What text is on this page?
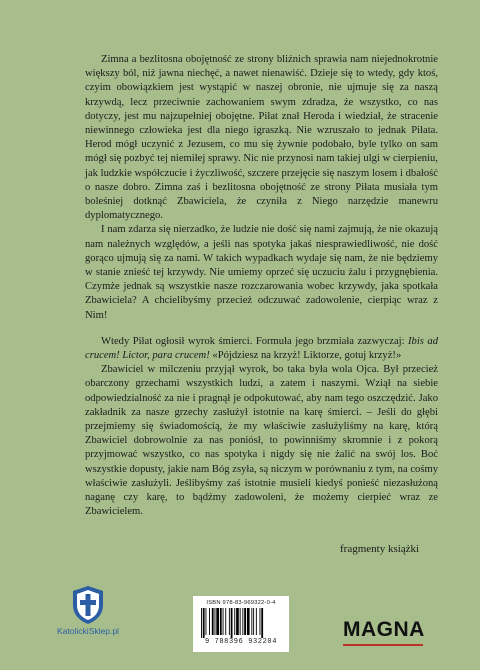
Zimna a bezlitosna obojętność ze strony bliźnich sprawia nam niejednokrotnie większy ból, niż jawna niechęć, a nawet nienawiść. Dzieje się to wtedy, gdy ktoś, czyim obowiązkiem jest wystąpić w naszej obronie, nie ujmuje się za naszą krzywdą, lecz przeciwnie zachowaniem swym zdradza, że wszystko, co nas dotyczy, jest mu najzupełniej obojętne. Piłat znał Heroda i wiedział, że stracenie niewinnego człowieka jest dla niego igraszką. Nie wzruszało to jednak Piłata. Herod mógł uczynić z Jezusem, co mu się żywnie podobało, byle tylko on sam mógł się pozbyć tej niemiłej sprawy. Nic nie przynosi nam takiej ulgi w cierpieniu, jak ludzkie współczucie i życzliwość, szczere przejęcie się naszym losem i dbałość o nasze dobro. Zimna zaś i bezlitosna obojętność ze strony Piłata musiała tym boleśniej dotknąć Zbawiciela, że czyniła z Niego narzędzie manewru dyplomatycznego.

I nam zdarza się nierzadko, że ludzie nie dość się nami zajmują, że nie okazują nam należnych względów, a jeśli nas spotyka jakaś niesprawiedliwość, nie dość gorąco ujmują się za nami. W takich wypadkach wydaje się nam, że nie będziemy w stanie znieść tej krzywdy. Nie umiemy oprzeć się uczuciu żalu i przygnębienia. Czymże jednak są wszystkie nasze rozczarowania wobec krzywdy, jaka spotkała Zbawiciela? A chcielibyśmy przecież odczuwać zadowolenie, cierpiąc wraz z Nim!

Wtedy Piłat ogłosił wyrok śmierci. Formuła jego brzmiała zazwyczaj: Ibis ad crucem! Lictor, para crucem! «Pójdziesz na krzyż! Liktorze, gotuj krzyż!»

Zbawiciel w milczeniu przyjął wyrok, bo taka była wola Ojca. Był przecież obarczony grzechami wszystkich ludzi, a zatem i naszymi. Wziął na siebie odpowiedzialność za nie i pragnął je odpokutować, aby nam tego oszczędzić. Jako zakładnik za nasze grzechy zasłużył istotnie na karę śmierci. – Jeśli do głębi przejmiemy się świadomością, że my właściwie zasłużyliśmy na karę, którą Zbawiciel dobrowolnie za nas poniósł, to powinniśmy skromnie i z pokorą przyjmować wszystko, co nas spotyka i nigdy się nie żalić na swój los. Boć wszystkie dopusty, jakie nam Bóg zsyła, są niczym w porównaniu z tym, na cośmy właściwie zasłużyli. Jeślibyśmy zaś istotnie musieli kiedyś ponieść niezasłużoną naganę czy karę, to bądźmy zadowoleni, że możemy cierpieć wraz ze Zbawicielem.

fragmenty książki
KatolickiSklep.pl
ISBN 978-83-969322-0-4
9 788396 932204
MAGNA
